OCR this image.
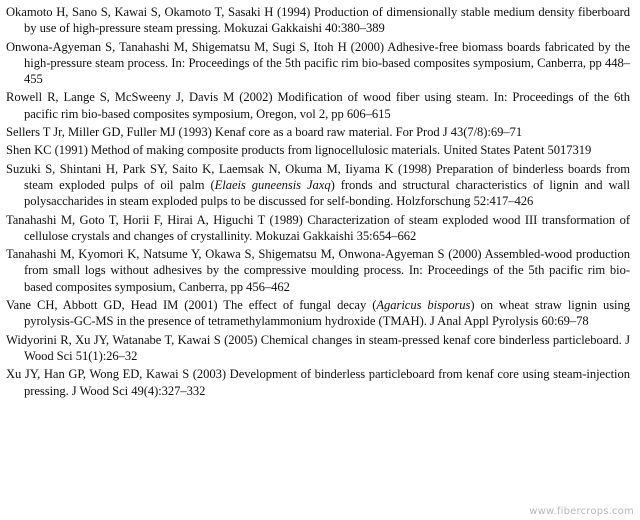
Okamoto H, Sano S, Kawai S, Okamoto T, Sasaki H (1994) Production of dimensionally stable medium density fiberboard by use of high-pressure steam pressing. Mokuzai Gakkaishi 40:380–389

Onwona-Agyeman S, Tanahashi M, Shigematsu M, Sugi S, Itoh H (2000) Adhesive-free biomass boards fabricated by the high-pressure steam process. In: Proceedings of the 5th pacific rim bio-based composites symposium, Canberra, pp 448–455

Rowell R, Lange S, McSweeny J, Davis M (2002) Modification of wood fiber using steam. In: Proceedings of the 6th pacific rim bio-based composites symposium, Oregon, vol 2, pp 606–615

Sellers T Jr, Miller GD, Fuller MJ (1993) Kenaf core as a board raw material. For Prod J 43(7/8):69–71

Shen KC (1991) Method of making composite products from lignocellulosic materials. United States Patent 5017319

Suzuki S, Shintani H, Park SY, Saito K, Laemsak N, Okuma M, Iiyama K (1998) Preparation of binderless boards from steam exploded pulps of oil palm (Elaeis guneensis Jaxq) fronds and structural characteristics of lignin and wall polysaccharides in steam exploded pulps to be discussed for self-bonding. Holzforschung 52:417–426

Tanahashi M, Goto T, Horii F, Hirai A, Higuchi T (1989) Characterization of steam exploded wood III transformation of cellulose crystals and changes of crystallinity. Mokuzai Gakkaishi 35:654–662

Tanahashi M, Kyomori K, Natsume Y, Okawa S, Shigematsu M, Onwona-Agyeman S (2000) Assembled-wood production from small logs without adhesives by the compressive moulding process. In: Proceedings of the 5th pacific rim bio-based composites symposium, Canberra, pp 456–462

Vane CH, Abbott GD, Head IM (2001) The effect of fungal decay (Agaricus bisporus) on wheat straw lignin using pyrolysis-GC-MS in the presence of tetramethylammonium hydroxide (TMAH). J Anal Appl Pyrolysis 60:69–78

Widyorini R, Xu JY, Watanabe T, Kawai S (2005) Chemical changes in steam-pressed kenaf core binderless particleboard. J Wood Sci 51(1):26–32

Xu JY, Han GP, Wong ED, Kawai S (2003) Development of binderless particleboard from kenaf core using steam-injection pressing. J Wood Sci 49(4):327–332

www.fibercrops.com
